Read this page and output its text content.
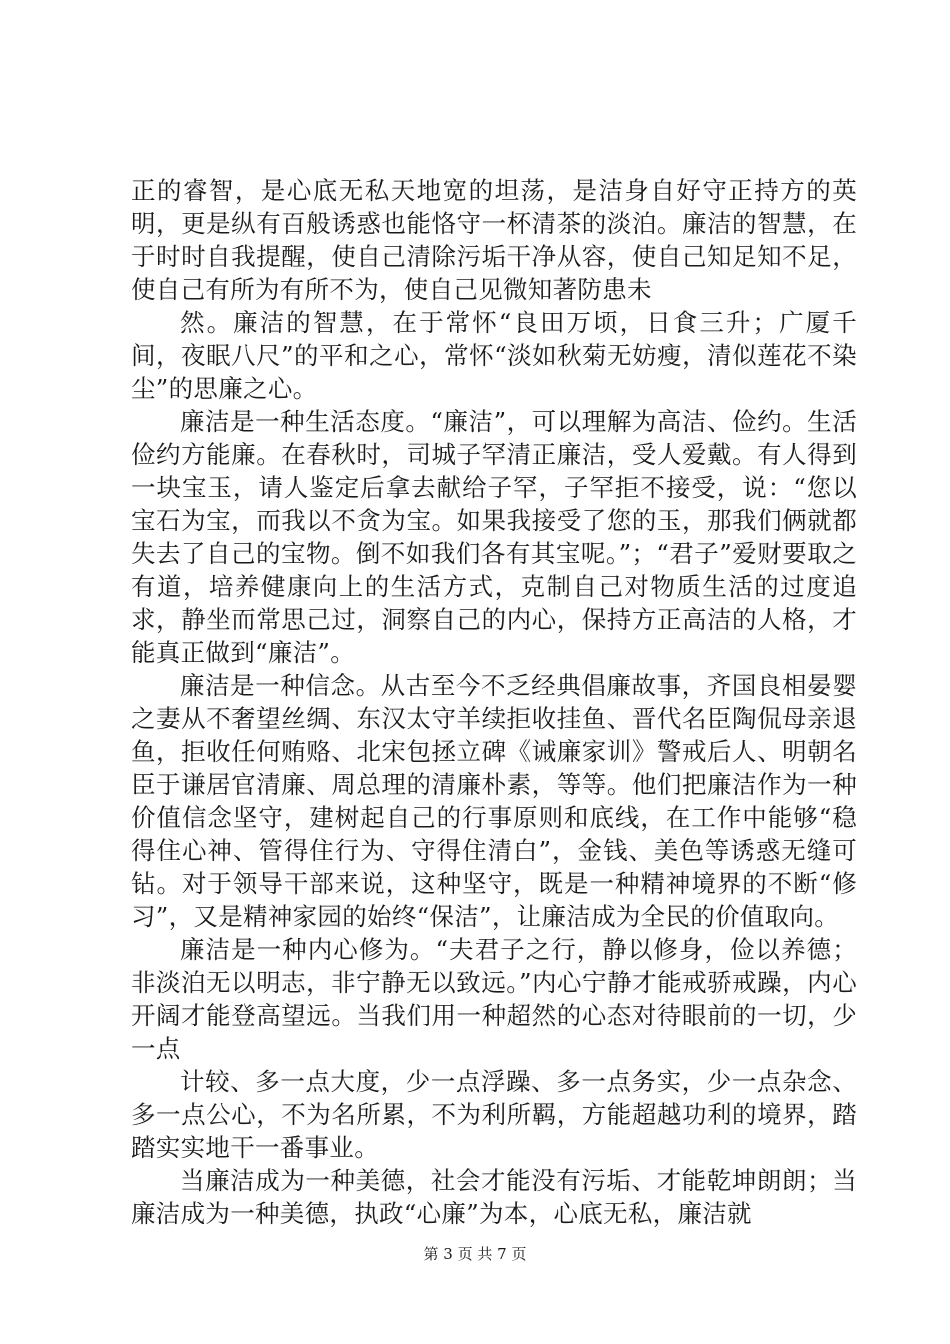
正的睿智，是心底无私天地宽的坦荡，是洁身自好守正持方的英明，更是纵有百般诱惑也能恪守一杯清茶的淡泊。廉洁的智慧，在于时时自我提醒，使自己清除污垢干净从容，使自己知足知不足，使自己有所为有所不为，使自己见微知著防患未

然。廉洁的智慧，在于常怀“良田万顷，日食三升；广厦千间，夜眠八尺”的平和之心，常怀“淡如秋菊无妨瘦，清似莲花不染尘”的思廉之心。

廉洁是一种生活态度。“廉洁”，可以理解为高洁、俭约。生活俭约方能廉。在春秋时，司城子罕清正廉洁，受人爱戴。有人得到一块宝玉，请人鉴定后拿去献给子罕，子罕拒不接受，说：“您以宝石为宝，而我以不贪为宝。如果我接受了您的玉，那我们俩就都失去了自己的宝物。倒不如我们各有其宝呢。”；“君子”爱财要取之有道，培养健康向上的生活方式，克制自己对物质生活的过度追求，静坐而常思己过，洞察自己的内心，保持方正高洁的人格，才能真正做到“廉洁”。

廉洁是一种信念。从古至今不乏经典倡廉故事，齐国良相晏婴之妻从不奢望丝绸、东汉太守羊续拒收挂鱼、晋代名臣陶侃母亲退鱼，拒收任何贿赂、北宋包拯立碑《诫廉家训》警戒后人、明朝名臣于谦居官清廉、周总理的清廉朴素，等等。他们把廉洁作为一种价值信念坚守，建树起自己的行事原则和底线，在工作中能够“稳得住心神、管得住行为、守得住清白”，金钱、美色等诱惑无缝可钻。对于领导干部来说，这种坚守，既是一种精神境界的不断“修习”，又是精神家园的始终“保洁”，让廉洁成为全民的价值取向。

廉洁是一种内心修为。“夫君子之行，静以修身，俭以养德；非淡泊无以明志，非宁静无以致远。”内心宁静才能戒骄戒躁，内心开阔才能登高望远。当我们用一种超然的心态对待眼前的一切，少一点

计较、多一点大度，少一点浮躁、多一点务实，少一点杂念、多一点公心，不为名所累，不为利所羁，方能超越功利的境界，踏踏实实地干一番事业。

当廉洁成为一种美德，社会才能没有污垢、才能乾坤朗朗；当廉洁成为一种美德，执政“心廉”为本，心底无私，廉洁就

第 3 页 共 7 页
